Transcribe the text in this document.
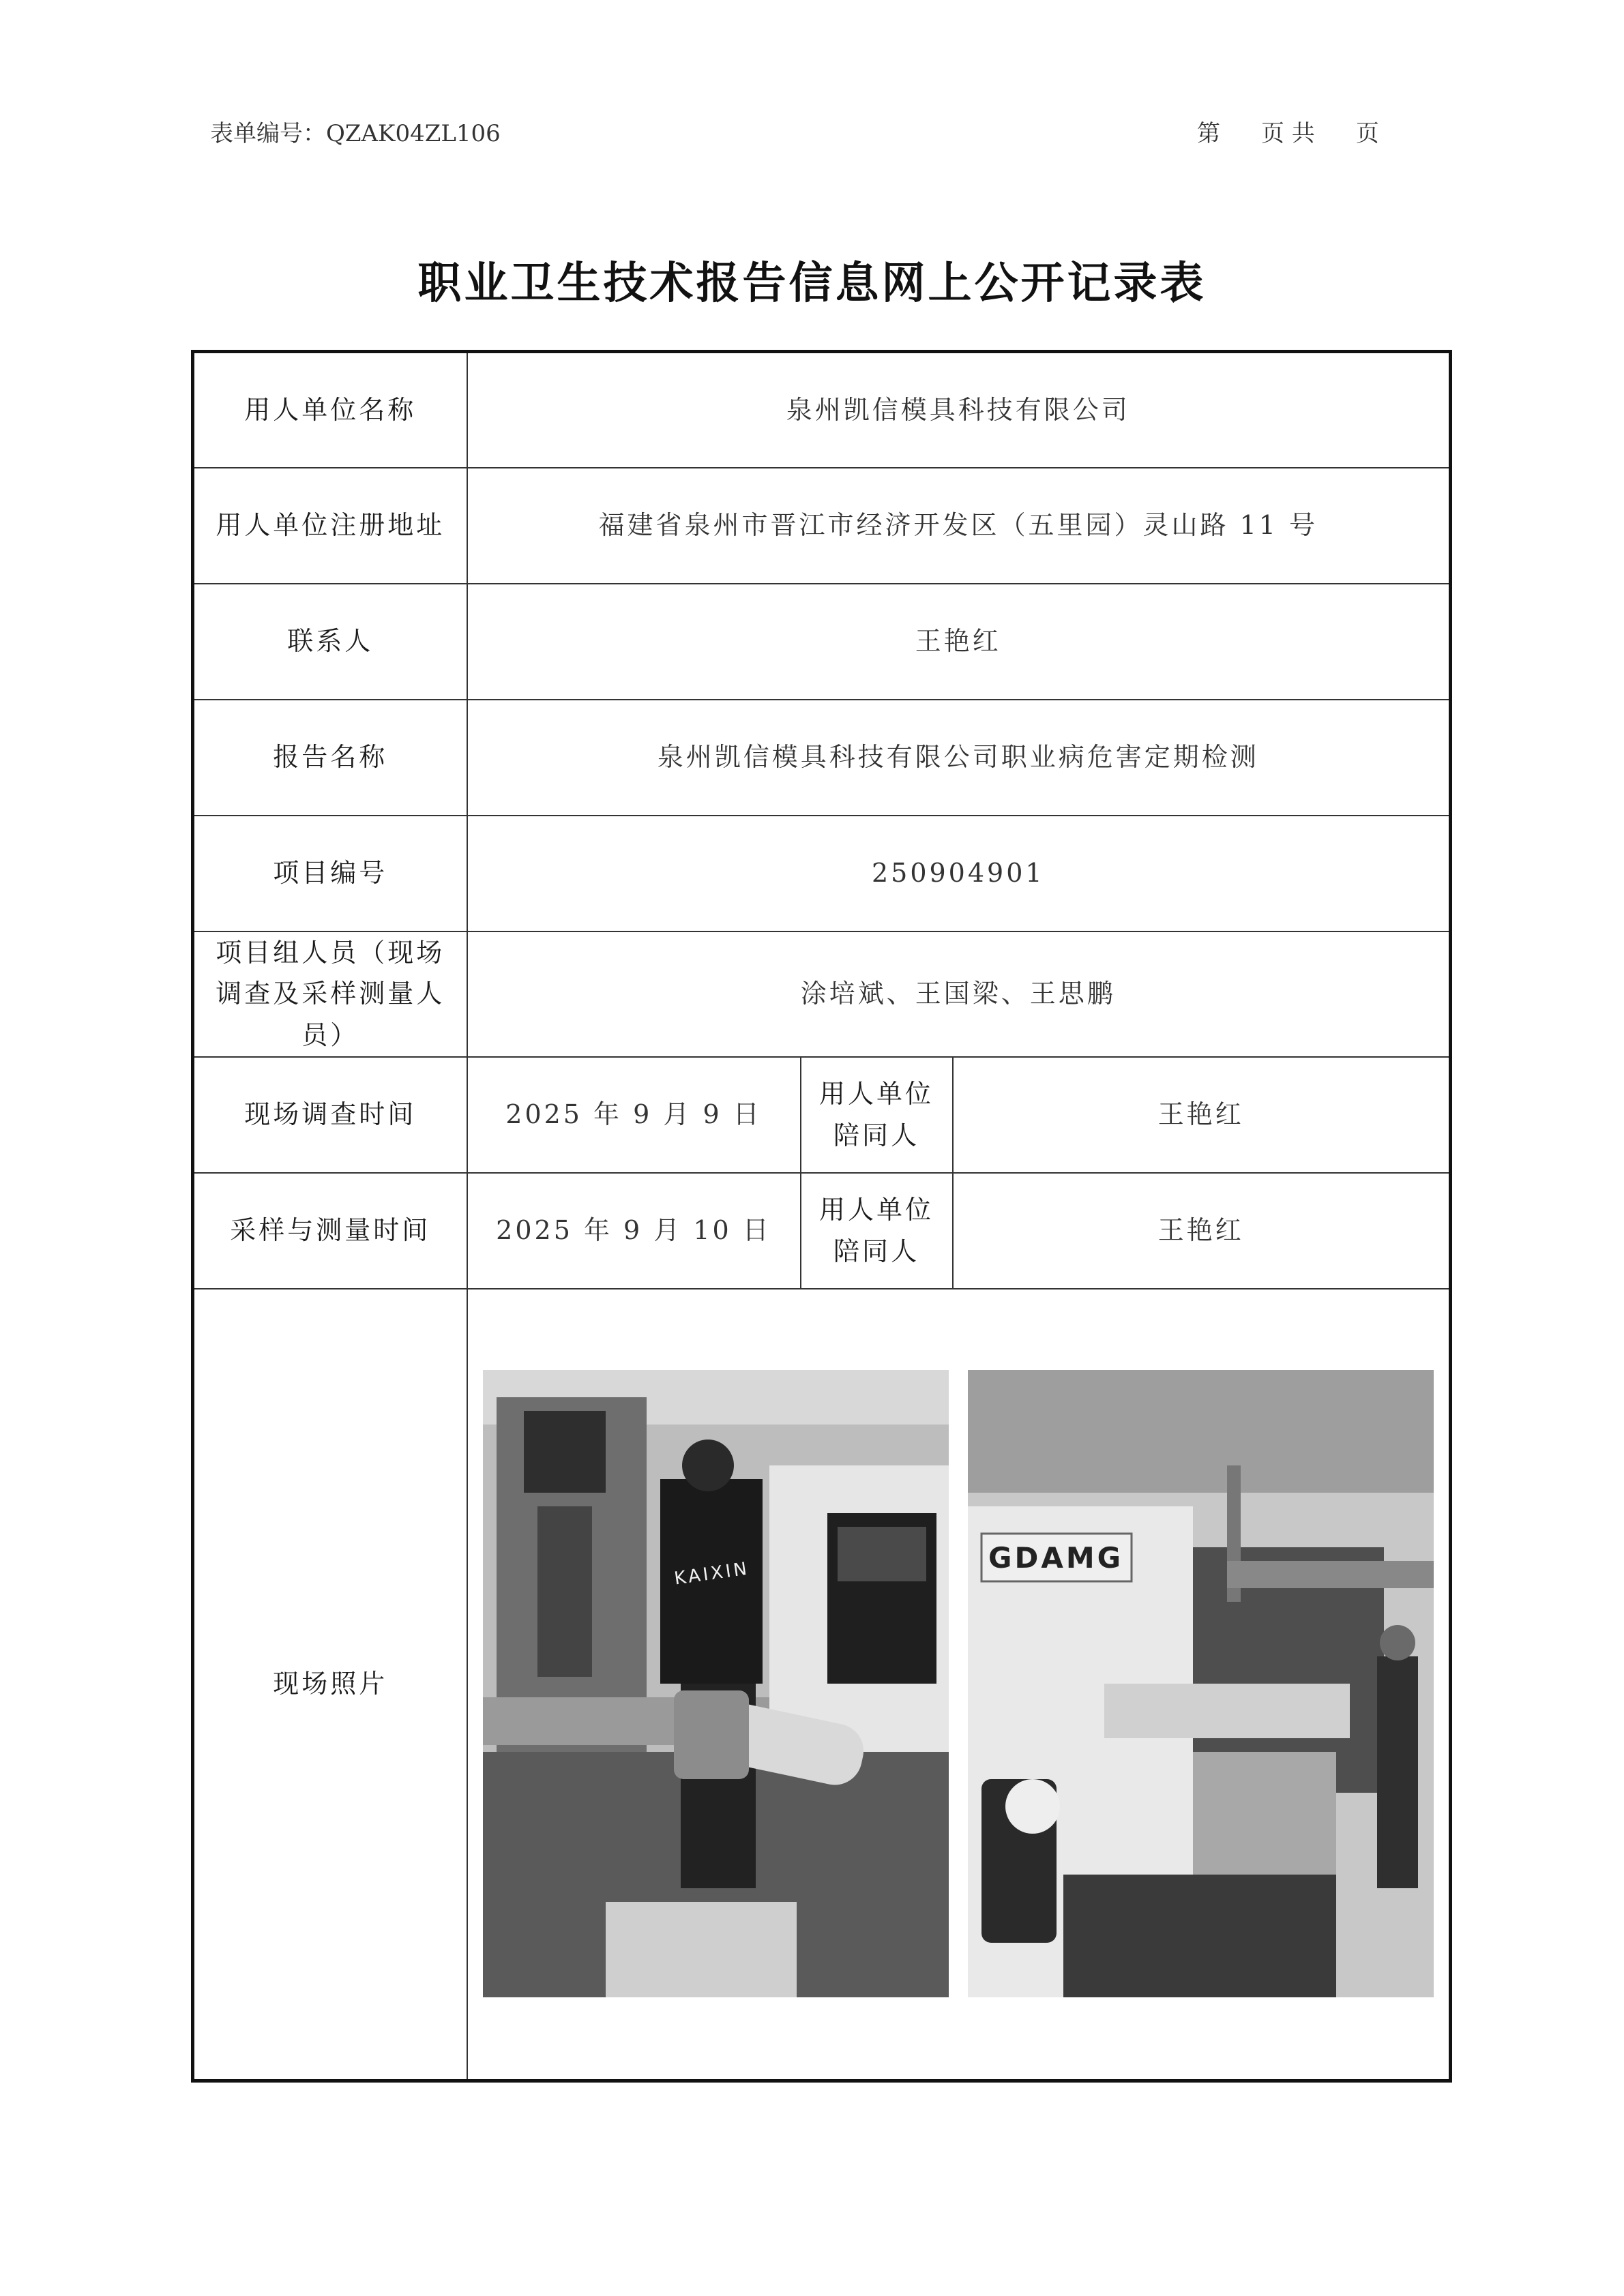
表单编号：QZAK04ZL106	第 页 共 页
职业卫生技术报告信息网上公开记录表
用人单位名称	泉州凯信模具科技有限公司		
用人单位注册地址	福建省泉州市晋江市经济开发区（五里园）灵山路 11 号		
联系人	王艳红		
报告名称	泉州凯信模具科技有限公司职业病危害定期检测		
项目编号	250904901		
项目组人员（现场调查及采样测量人员）	涂培斌、王国梁、王思鹏		
现场调查时间	2025 年 9 月 9 日	用人单位陪同人	王艳红
采样与测量时间	2025 年 9 月 10 日	用人单位陪同人	王艳红
现场照片	KAIXIN GDAMG		
